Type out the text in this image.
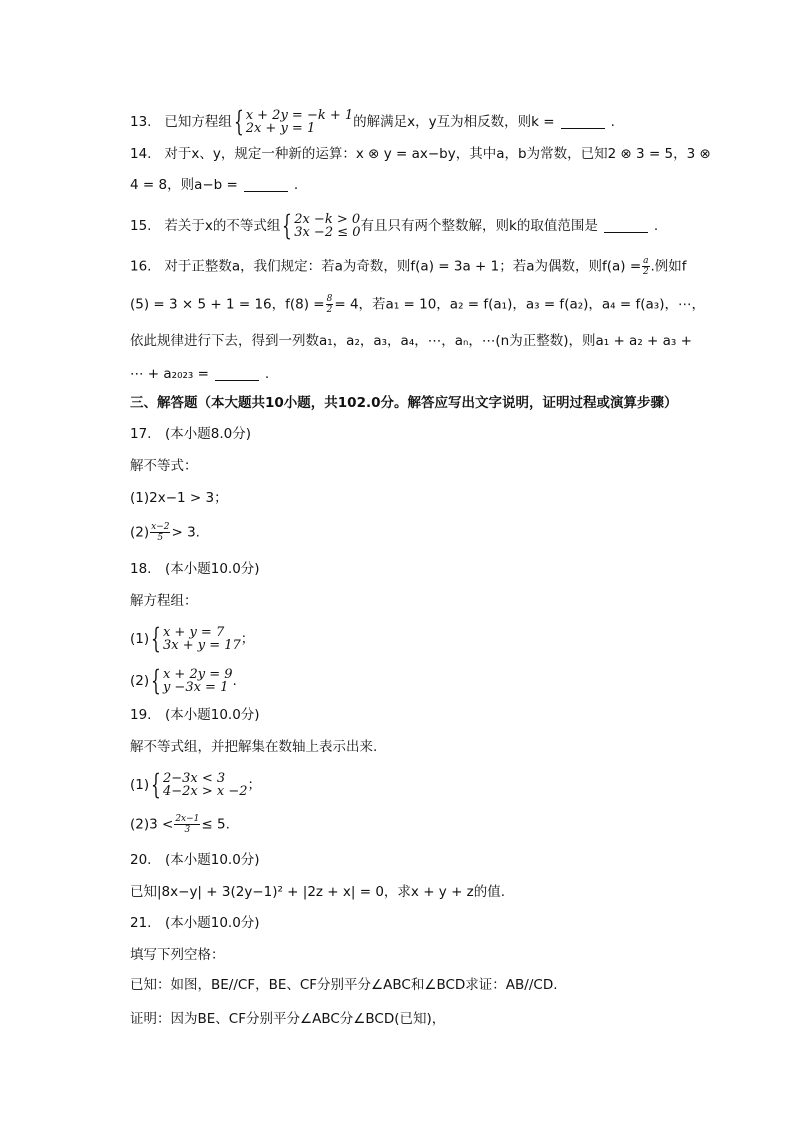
13. 已知方程组 { x + 2y = −k + 1
2x + y = 1	的解满足x，y互为相反数，则k =	.
14. 对于x、y，规定一种新的运算：x ⊗ y = ax−by，其中a，b为常数，已知2 ⊗ 3 = 5，3 ⊗
4 = 8，则a−b =	.
15. 若关于x的不等式组 { 2x −k > 0
3x −2 ≤ 0 有且只有两个整数解，则k的取值范围是	.
16. 对于正整数a，我们规定：若a为奇数，则f(a) = 3a + 1；若a为偶数，则$f(a) = \frac{a}{2}$ .例如f
(5) = 3 × 5 + 1 = 16，$f(8) = \frac{8}{2} = 4$，若a₁ = 10，a₂ = f(a₁)，a₃ = f(a₂)，a₄ = f(a₃)，⋯，
依此规律进行下去，得到一列数a₁，a₂，a₃，a₄，⋯，aₙ，⋯(n为正整数)，则a₁ + a₂ + a₃ +
⋯ + a₂₀₂₃ =	.
三、解答题（本大题共10小题，共102.0分。解答应写出文字说明，证明过程或演算步骤）
17.　(本小题8.0分)
解不等式：
(1)2x−1 > 3；
$(2) \frac{x-2}{5} > 3$.
18.　(本小题10.0分)
解方程组：
(1) { x + y = 7
3x + y = 17 ；
(2) { x + 2y = 9
y −3x = 1 .
19.　(本小题10.0分)
解不等式组，并把解集在数轴上表示出来.
(1) { 2−3x < 3
4−2x > x −2 ；
$(2)3 < \frac{2x-1}{3} \le 5$.
20.　(本小题10.0分)
已知|8x−y| + 3(2y−1)² + |2z + x| = 0，求x + y + z的值.
21.　(本小题10.0分)
填写下列空格：
已知：如图，BE//CF，BE、CF分别平分∠ABC和∠BCD求证：AB//CD.
证明：因为BE、CF分别平分∠ABC分∠BCD(已知)，
